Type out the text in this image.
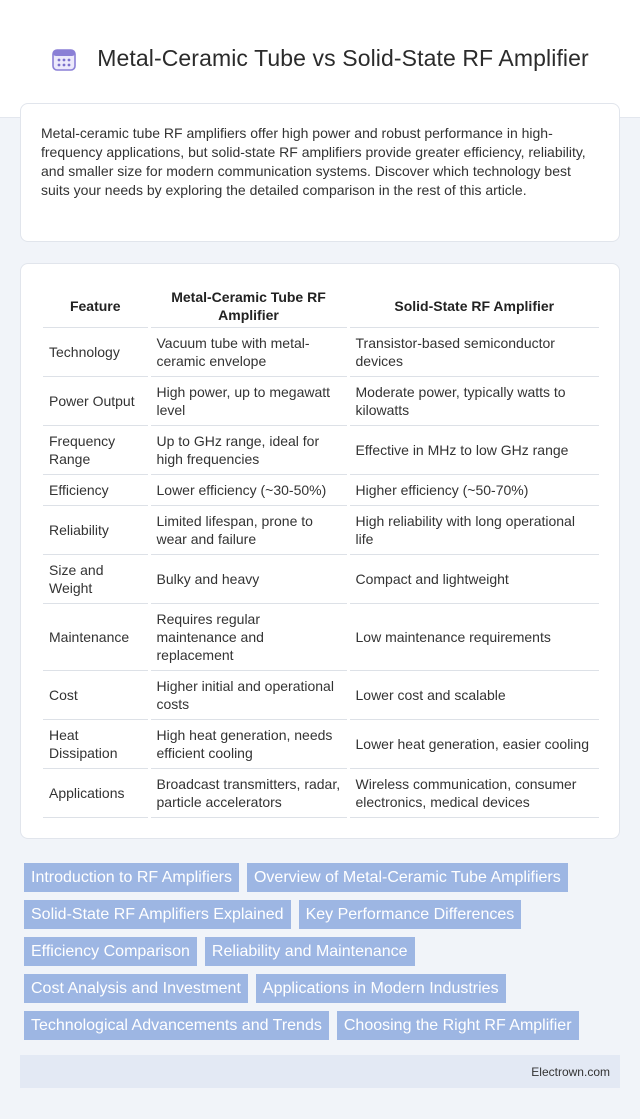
Metal-Ceramic Tube vs Solid-State RF Amplifier

Metal-ceramic tube RF amplifiers offer high power and robust performance in high-frequency applications, but solid-state RF amplifiers provide greater efficiency, reliability, and smaller size for modern communication systems. Discover which technology best suits your needs by exploring the detailed comparison in the rest of this article.

Feature	Metal-Ceramic Tube RF Amplifier	Solid-State RF Amplifier
Technology	Vacuum tube with metal-ceramic envelope	Transistor-based semiconductor devices
Power Output	High power, up to megawatt level	Moderate power, typically watts to kilowatts
Frequency Range	Up to GHz range, ideal for high frequencies	Effective in MHz to low GHz range
Efficiency	Lower efficiency (~30-50%)	Higher efficiency (~50-70%)
Reliability	Limited lifespan, prone to wear and failure	High reliability with long operational life
Size and Weight	Bulky and heavy	Compact and lightweight
Maintenance	Requires regular maintenance and replacement	Low maintenance requirements
Cost	Higher initial and operational costs	Lower cost and scalable
Heat Dissipation	High heat generation, needs efficient cooling	Lower heat generation, easier cooling
Applications	Broadcast transmitters, radar, particle accelerators	Wireless communication, consumer electronics, medical devices
Introduction to RF Amplifiers	Overview of Metal-Ceramic Tube Amplifiers
Solid-State RF Amplifiers Explained	Key Performance Differences
Efficiency Comparison	Reliability and Maintenance
Cost Analysis and Investment	Applications in Modern Industries
Technological Advancements and Trends	Choosing the Right RF Amplifier
Electrown.com
